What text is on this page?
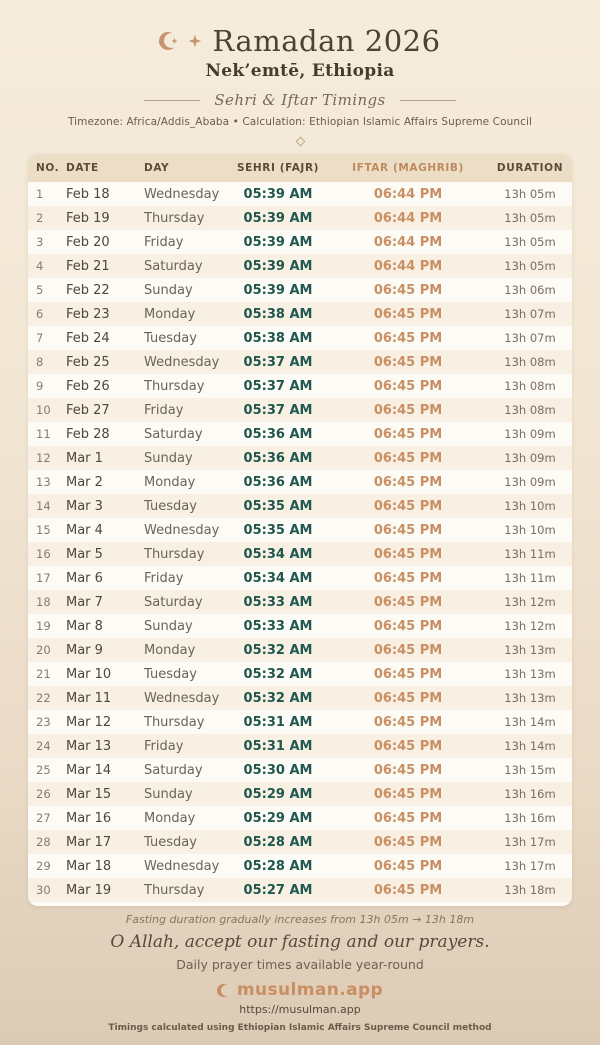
Ramadan 2026
Nek’emtē, Ethiopia
Sehri & Iftar Timings
Timezone: Africa/Addis_Ababa • Calculation: Ethiopian Islamic Affairs Supreme Council
NO.	DATE	DAY	SEHRI (FAJR)	IFTAR (MAGHRIB)	DURATION
1	Feb 18	Wednesday	05:39 AM	06:44 PM	13h 05m
2	Feb 19	Thursday	05:39 AM	06:44 PM	13h 05m
3	Feb 20	Friday	05:39 AM	06:44 PM	13h 05m
4	Feb 21	Saturday	05:39 AM	06:44 PM	13h 05m
5	Feb 22	Sunday	05:39 AM	06:45 PM	13h 06m
6	Feb 23	Monday	05:38 AM	06:45 PM	13h 07m
7	Feb 24	Tuesday	05:38 AM	06:45 PM	13h 07m
8	Feb 25	Wednesday	05:37 AM	06:45 PM	13h 08m
9	Feb 26	Thursday	05:37 AM	06:45 PM	13h 08m
10	Feb 27	Friday	05:37 AM	06:45 PM	13h 08m
11	Feb 28	Saturday	05:36 AM	06:45 PM	13h 09m
12	Mar 1	Sunday	05:36 AM	06:45 PM	13h 09m
13	Mar 2	Monday	05:36 AM	06:45 PM	13h 09m
14	Mar 3	Tuesday	05:35 AM	06:45 PM	13h 10m
15	Mar 4	Wednesday	05:35 AM	06:45 PM	13h 10m
16	Mar 5	Thursday	05:34 AM	06:45 PM	13h 11m
17	Mar 6	Friday	05:34 AM	06:45 PM	13h 11m
18	Mar 7	Saturday	05:33 AM	06:45 PM	13h 12m
19	Mar 8	Sunday	05:33 AM	06:45 PM	13h 12m
20	Mar 9	Monday	05:32 AM	06:45 PM	13h 13m
21	Mar 10	Tuesday	05:32 AM	06:45 PM	13h 13m
22	Mar 11	Wednesday	05:32 AM	06:45 PM	13h 13m
23	Mar 12	Thursday	05:31 AM	06:45 PM	13h 14m
24	Mar 13	Friday	05:31 AM	06:45 PM	13h 14m
25	Mar 14	Saturday	05:30 AM	06:45 PM	13h 15m
26	Mar 15	Sunday	05:29 AM	06:45 PM	13h 16m
27	Mar 16	Monday	05:29 AM	06:45 PM	13h 16m
28	Mar 17	Tuesday	05:28 AM	06:45 PM	13h 17m
29	Mar 18	Wednesday	05:28 AM	06:45 PM	13h 17m
30	Mar 19	Thursday	05:27 AM	06:45 PM	13h 18m
Fasting duration gradually increases from 13h 05m → 13h 18m
O Allah, accept our fasting and our prayers.
Daily prayer times available year-round
musulman.app
https://musulman.app
Timings calculated using Ethiopian Islamic Affairs Supreme Council method
